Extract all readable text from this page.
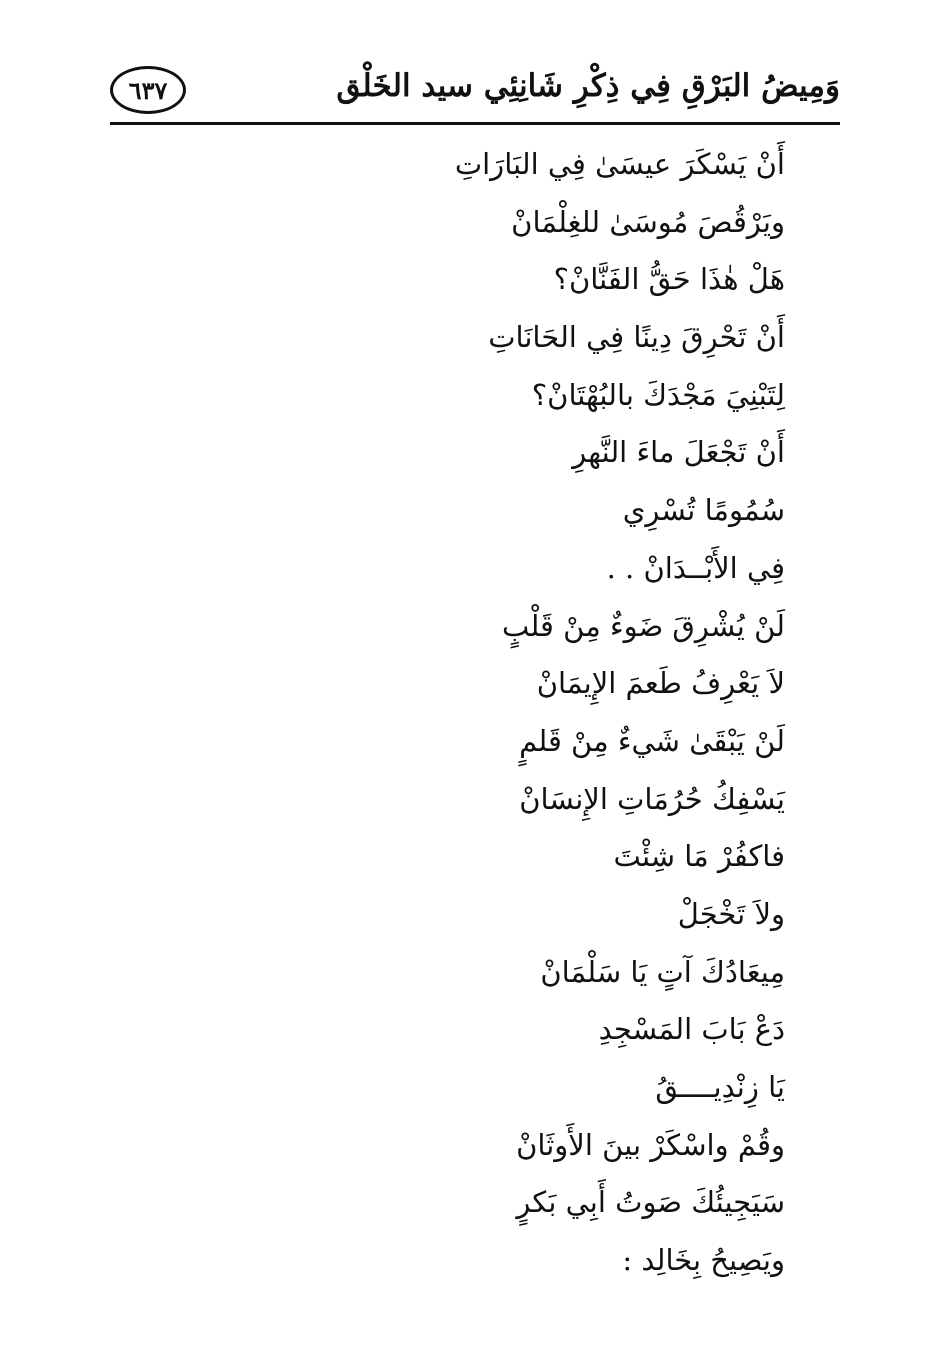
وَمِيضُ البَرْقِ فِي ذِكْرِ شَانِئِي سيد الخَلْق
٦٣٧
أَنْ يَسْكَرَ عيسَىٰ فِي البَارَاتِ
ويَرْقُصَ مُوسَىٰ للغِلْمَانْ
هَلْ هٰذَا حَقُّ الفَنَّانْ؟
أَنْ تَحْرِقَ دِينًا فِي الحَانَاتِ
لِتَبْنِيَ مَجْدَكَ بالبُهْتَانْ؟
أَنْ تَجْعَلَ ماءَ النَّهرِ
سُمُومًا تُسْرِي
فِي الأَبْــدَانْ . .
لَنْ يُشْرِقَ ضَوءٌ مِنْ قَلْبٍ
لاَ يَعْرِفُ طَعمَ الإِيمَانْ
لَنْ يَبْقَىٰ شَيءٌ مِنْ قَلمٍ
يَسْفِكُ حُرُمَاتِ الإِنسَانْ
فاكفُرْ مَا شِئْتَ
ولاَ تَخْجَلْ
مِيعَادُكَ آتٍ يَا سَلْمَانْ
دَعْ بَابَ المَسْجِدِ
يَا زِنْدِيــــقُ
وقُمْ واسْكَرْ بينَ الأَوثَانْ
سَيَجِيئُكَ صَوتُ أَبِي بَكرٍ
ويَصِيحُ بِخَالِد :
